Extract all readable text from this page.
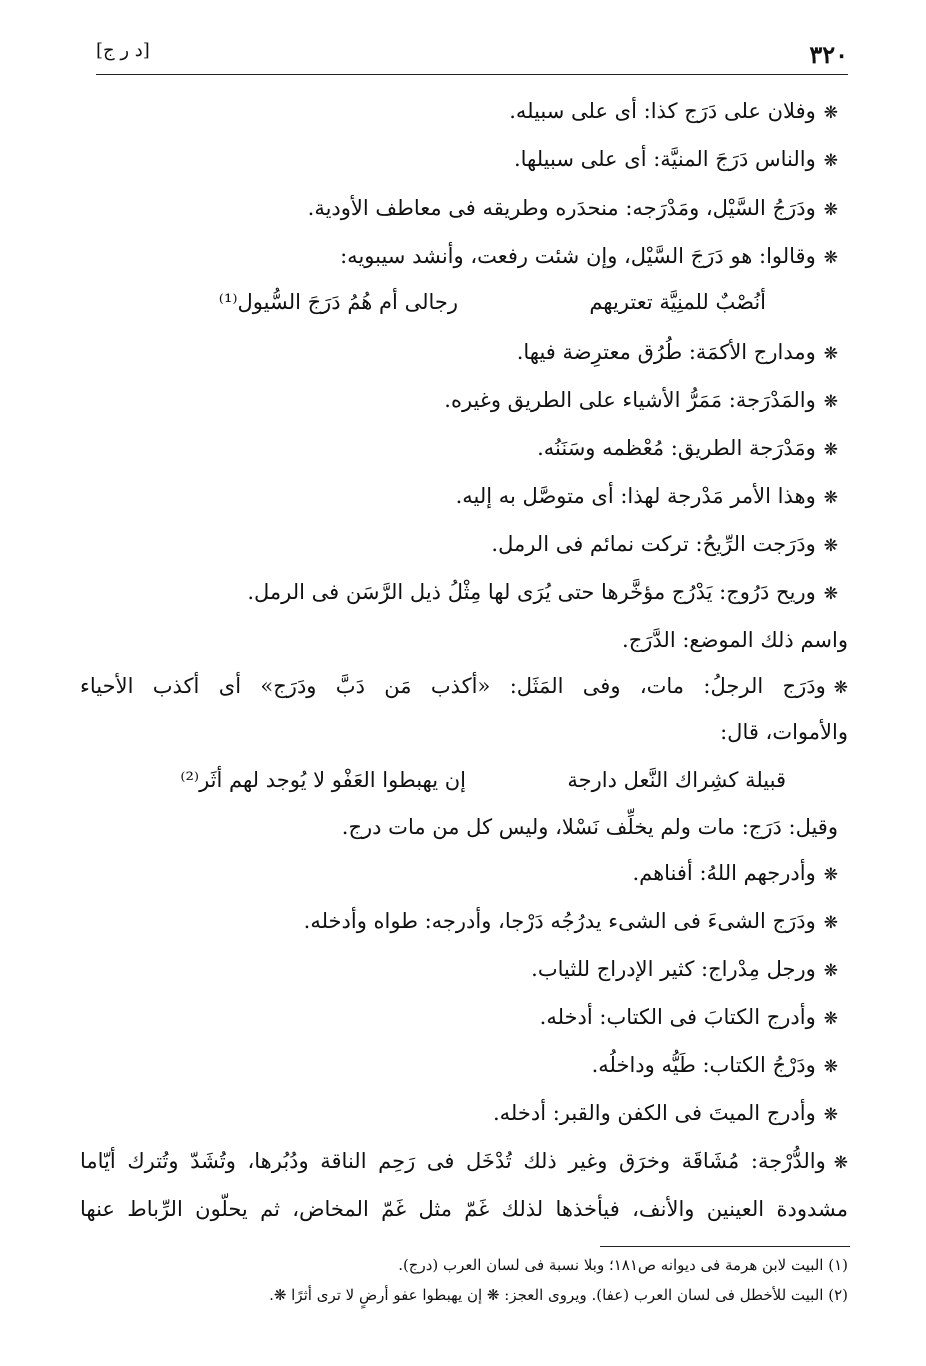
٣٢٠
[د ر ج]
❋وفلان على دَرَج كذا: أى على سبيله.
❋والناس دَرَجَ المنيَّة: أى على سبيلها.
❋ودَرَجُ السَّيْل، ومَدْرَجه: منحدَره وطريقه فى معاطف الأودية.
❋وقالوا: هو دَرَجَ السَّيْل، وإن شئت رفعت، وأنشد سيبويه:
أنُصْبٌ للمنِيَّة تعتريهم
رجالى أم هُمُ دَرَجَ السُّيول⁽¹⁾
❋ومدارج الأكمَة: طُرُق معترِضة فيها.
❋والمَدْرَجة: مَمَرُّ الأشياء على الطريق وغيره.
❋ومَدْرَجة الطريق: مُعْظمه وسَنَنُه.
❋وهذا الأمر مَدْرجة لهذا: أى متوصَّل به إليه.
❋ودَرَجت الرِّيحُ: تركت نمائم فى الرمل.
❋وريح دَرُوج: يَدْرُج مؤخَّرها حتى يُرَى لها مِثْلُ ذيل الرَّسَن فى الرمل.
واسم ذلك الموضع: الدَّرَج.
❋ودَرَج الرجلُ: مات، وفى المَثَل: «أكذب مَن دَبَّ ودَرَج» أى أكذب الأحياء
والأموات، قال:
قبيلة كشِراك النَّعل دارجة
إن يهبطوا العَفْو لا يُوجد لهم أثَر⁽²⁾
وقيل: دَرَج: مات ولم يخلِّف نَسْلا، وليس كل من مات درج.
❋وأدرجهم اللهُ: أفناهم.
❋ودَرَج الشىءَ فى الشىء يدرُجُه دَرْجا، وأدرجه: طواه وأدخله.
❋ورجل مِدْراج: كثير الإدراج للثياب.
❋وأدرج الكتابَ فى الكتاب: أدخله.
❋ودَرْجُ الكتاب: طَيُّه وداخلُه.
❋وأدرج الميتَ فى الكفن والقبر: أدخله.
❋والدُّرْجة: مُشَاقَة وخرَق وغير ذلك تُدْخَل فى رَحِم الناقة ودُبُرها، وتُشَدّ وتُترك أيّاما
مشدودة العينين والأنف، فيأخذها لذلك غَمّ مثل غَمّ المخاض، ثم يحلّون الرِّباط عنها
(١) البيت لابن هرمة فى ديوانه ص١٨١؛ وبلا نسبة فى لسان العرب (درج).
(٢) البيت للأخطل فى لسان العرب (عفا). ويروى العجز: ❋ إن يهبطوا عفو أرضٍ لا ترى أثرًا ❋.
